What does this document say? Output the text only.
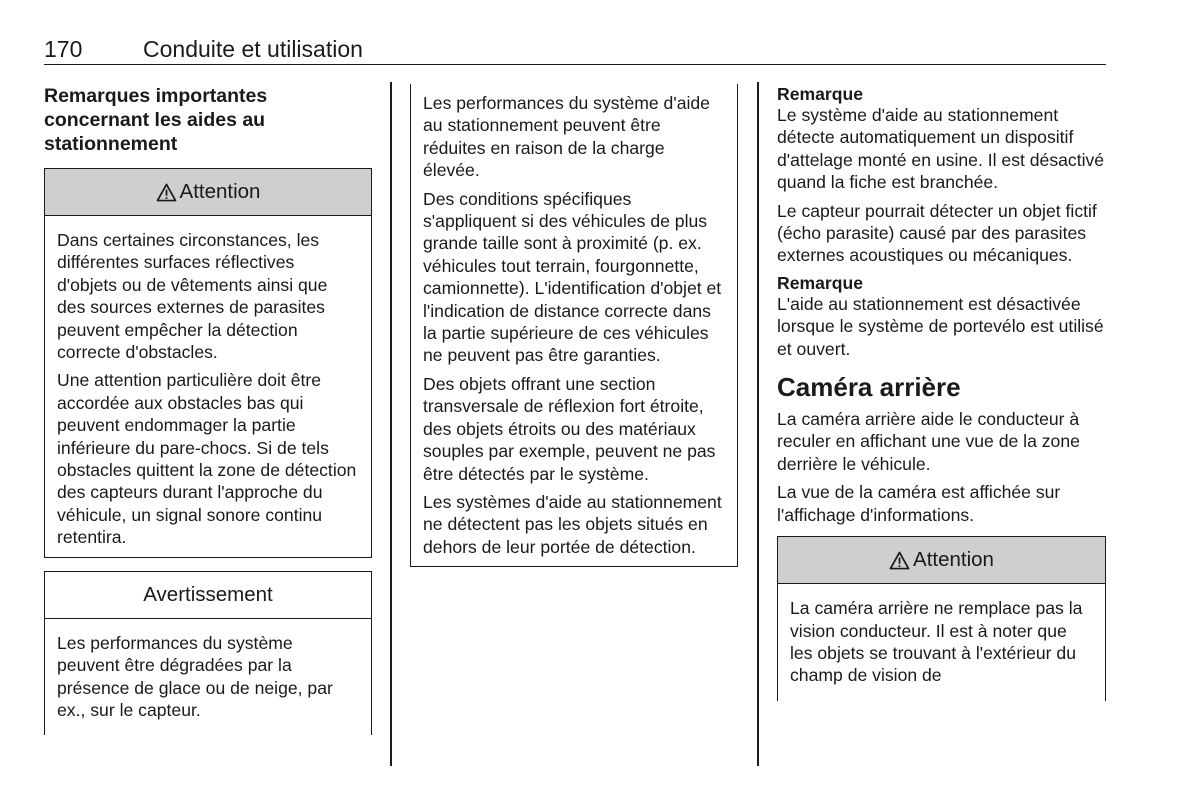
170	Conduite et utilisation
Remarques importantes concernant les aides au stationnement
Attention

Dans certaines circonstances, les différentes surfaces réflectives d'objets ou de vêtements ainsi que des sources externes de parasites peuvent empêcher la détection correcte d'obstacles.

Une attention particulière doit être accordée aux obstacles bas qui peuvent endommager la partie inférieure du pare-chocs. Si de tels obstacles quittent la zone de détection des capteurs durant l'approche du véhicule, un signal sonore continu retentira.

Avertissement

Les performances du système peuvent être dégradées par la présence de glace ou de neige, par ex., sur le capteur.

Les performances du système d'aide au stationnement peuvent être réduites en raison de la charge élevée.

Des conditions spécifiques s'appliquent si des véhicules de plus grande taille sont à proximité (p. ex. véhicules tout terrain, fourgonnette, camionnette). L'identification d'objet et l'indication de distance correcte dans la partie supérieure de ces véhicules ne peuvent pas être garanties.

Des objets offrant une section transversale de réflexion fort étroite, des objets étroits ou des matériaux souples par exemple, peuvent ne pas être détectés par le système.

Les systèmes d'aide au stationnement ne détectent pas les objets situés en dehors de leur portée de détection.

Remarque

Le système d'aide au stationnement détecte automatiquement un dispositif d'attelage monté en usine. Il est désactivé quand la fiche est branchée.

Le capteur pourrait détecter un objet fictif (écho parasite) causé par des parasites externes acoustiques ou mécaniques.

Remarque

L'aide au stationnement est désactivée lorsque le système de portevélo est utilisé et ouvert.

Caméra arrière

La caméra arrière aide le conducteur à reculer en affichant une vue de la zone derrière le véhicule.

La vue de la caméra est affichée sur l'affichage d'informations.

Attention

La caméra arrière ne remplace pas la vision conducteur. Il est à noter que les objets se trouvant à l'extérieur du champ de vision de
